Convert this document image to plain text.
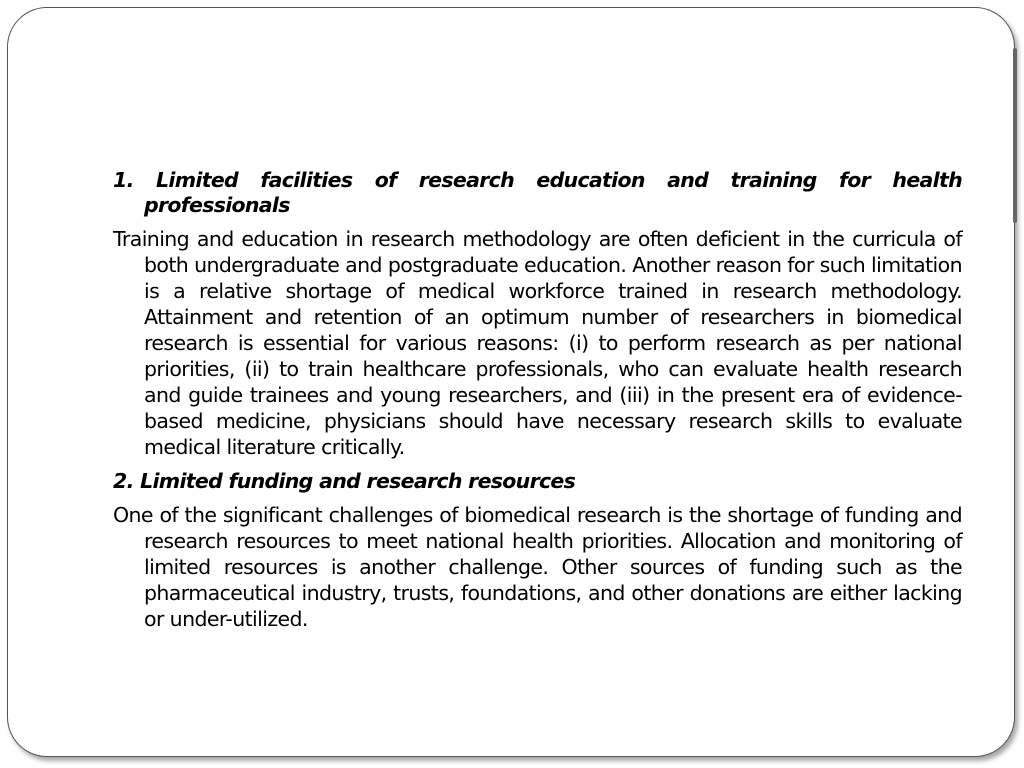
1. Limited facilities of research education and training for health professionals

Training and education in research methodology are often deficient in the curricula of both undergraduate and postgraduate education. Another reason for such limitation is a relative shortage of medical workforce trained in research methodology. Attainment and retention of an optimum number of researchers in biomedical research is essential for various reasons: (i) to perform research as per national priorities, (ii) to train healthcare professionals, who can evaluate health research and guide trainees and young researchers, and (iii) in the present era of evidence-based medicine, physicians should have necessary research skills to evaluate medical literature critically.

2. Limited funding and research resources

One of the significant challenges of biomedical research is the shortage of funding and research resources to meet national health priorities. Allocation and monitoring of limited resources is another challenge. Other sources of funding such as the pharmaceutical industry, trusts, foundations, and other donations are either lacking or under-utilized.
